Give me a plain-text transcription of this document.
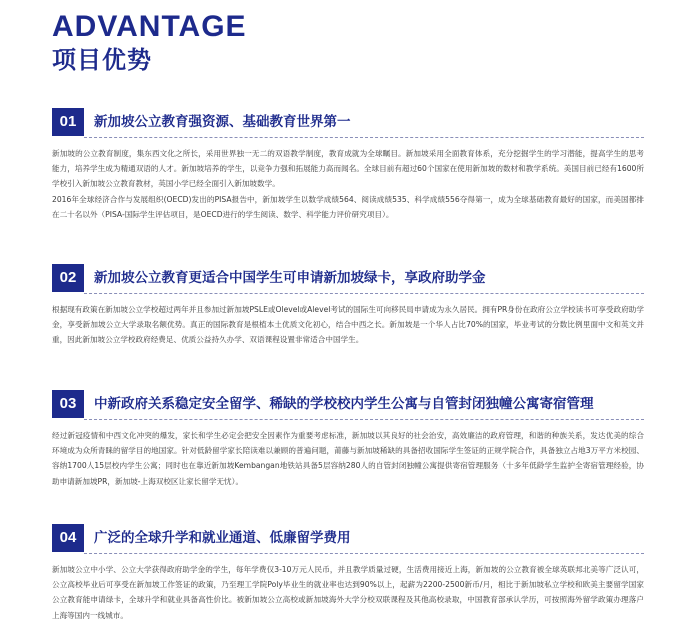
ADVANTAGE
项目优势
01	新加坡公立教育强资源、基础教育世界第一

新加坡的公立教育制度，集东西文化之所长，采用世界独一无二的双语教学制度，教育成就为全球瞩目。新加坡采用全面教育体系，充分挖掘学生的学习潜能，提高学生的思考能力，培养学生成为精通双语的人才。新加坡培养的学生，以竞争力强和拓展能力高而闻名。全球目前有超过60个国家在使用新加坡的数材和教学系统。美国目前已经有1600所学校引入新加坡公立教育教材，英国小学已经全面引入新加坡数学。

2016年全球经济合作与发展组织(OECD)发出的PISA报告中，新加坡学生以数学成绩564、阅读成绩535、科学成绩556夺得第一，成为全球基础教育最好的国家，而美国都排在二十名以外（PISA-国际学生评估项目，是OECD进行的学生阅读、数学、科学能力评价研究项目）。

02	新加坡公立教育更适合中国学生可申请新加坡绿卡，享政府助学金

根据现有政策在新加坡公立学校超过两年并且参加过新加坡PSLE或Olevel或Alevel考试的国际生可向移民局申请成为永久居民。拥有PR身份在政府公立学校读书可享受政府助学金，享受新加坡公立大学录取名额优势。真正的国际教育是根植本土优质文化初心，结合中西之长。新加坡是一个华人占比70%的国家，毕业考试的分数比例里面中文和英文并重，因此新加坡公立学校政府经费足、优质公益持久办学、双语课程设置非常适合中国学生。

03	中新政府关系稳定安全留学、稀缺的学校校内学生公寓与自管封闭独幢公寓寄宿管理

经过新冠疫情和中西文化冲突的爆发，家长和学生必定会把安全因素作为重要考虑标准，新加坡以其良好的社会治安，高效廉洁的政府管理，和谐的种族关系，发达优美的综合环境成为众所青睐的留学目的地国家。针对低龄留学家长陪读难以兼顾的普遍问题，莆藤与新加坡稀缺的具备招收国际学生签证的正规学院合作，具备独立占地3万平方米校园、容纳1700人15层校内学生公寓；同时也在靠近新加坡Kembangan地铁站具备5层容纳280人的自管封闭独幢公寓提供寄宿管理服务（十多年低龄学生监护全寄宿管理经验，协助申请新加坡PR，新加坡-上海双校区让家长留学无忧）。

04	广泛的全球升学和就业通道、低廉留学费用

新加坡公立中小学、公立大学获得政府助学金的学生，每年学费仅3-10万元人民币，并且教学质量过硬，生活费用接近上海，新加坡的公立教育被全球英联邦北美等广泛认可，公立高校毕业后可享受在新加坡工作签证的政策，乃至理工学院Poly毕业生的就业率也达到90%以上，起薪为2200-2500新币/月，相比于新加坡私立学校和欧美主要留学国家公立教育能申请绿卡，全球升学和就业具备高性价比。被新加坡公立高校或新加坡海外大学分校双联课程及其他高校录取，中国教育部承认学历，可按照海外留学政策办理落户上海等国内一线城市。
